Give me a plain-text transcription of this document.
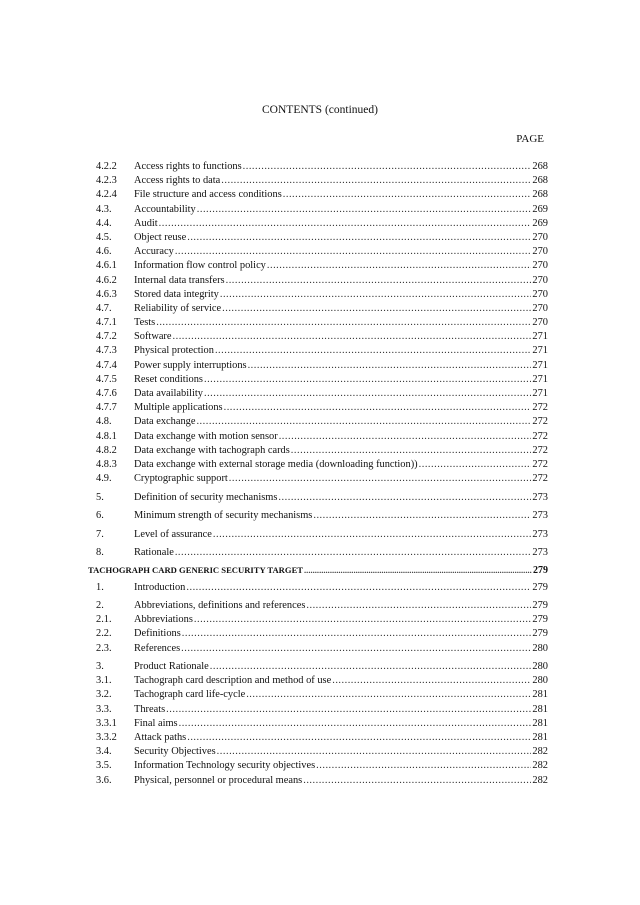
CONTENTS (continued)
PAGE
4.2.2	Access rights to functions .....	268
4.2.3	Access rights to data .....	268
4.2.4	File structure and access conditions .....	268
4.3.	Accountability .....	269
4.4.	Audit .....	269
4.5.	Object reuse .....	270
4.6.	Accuracy .....	270
4.6.1	Information flow control policy .....	270
4.6.2	Internal data transfers .....	270
4.6.3	Stored data integrity .....	270
4.7.	Reliability of service .....	270
4.7.1	Tests .....	270
4.7.2	Software .....	271
4.7.3	Physical protection .....	271
4.7.4	Power supply interruptions .....	271
4.7.5	Reset conditions .....	271
4.7.6	Data availability .....	271
4.7.7	Multiple applications .....	272
4.8.	Data exchange .....	272
4.8.1	Data exchange with motion sensor .....	272
4.8.2	Data exchange with tachograph cards .....	272
4.8.3	Data exchange with external storage media (downloading function)) .....	272
4.9.	Cryptographic support .....	272
5.	Definition of security mechanisms .....	273
6.	Minimum strength of security mechanisms .....	273
7.	Level of assurance .....	273
8.	Rationale .....	273
TACHOGRAPH CARD GENERIC SECURITY TARGET .....	279
1.	Introduction .....	279
2.	Abbreviations, definitions and references .....	279
2.1.	Abbreviations .....	279
2.2.	Definitions .....	279
2.3.	References .....	280
3.	Product Rationale .....	280
3.1.	Tachograph card description and method of use .....	280
3.2.	Tachograph card life-cycle .....	281
3.3.	Threats .....	281
3.3.1	Final aims .....	281
3.3.2	Attack paths .....	281
3.4.	Security Objectives .....	282
3.5.	Information Technology security objectives .....	282
3.6.	Physical, personnel or procedural means .....	282
